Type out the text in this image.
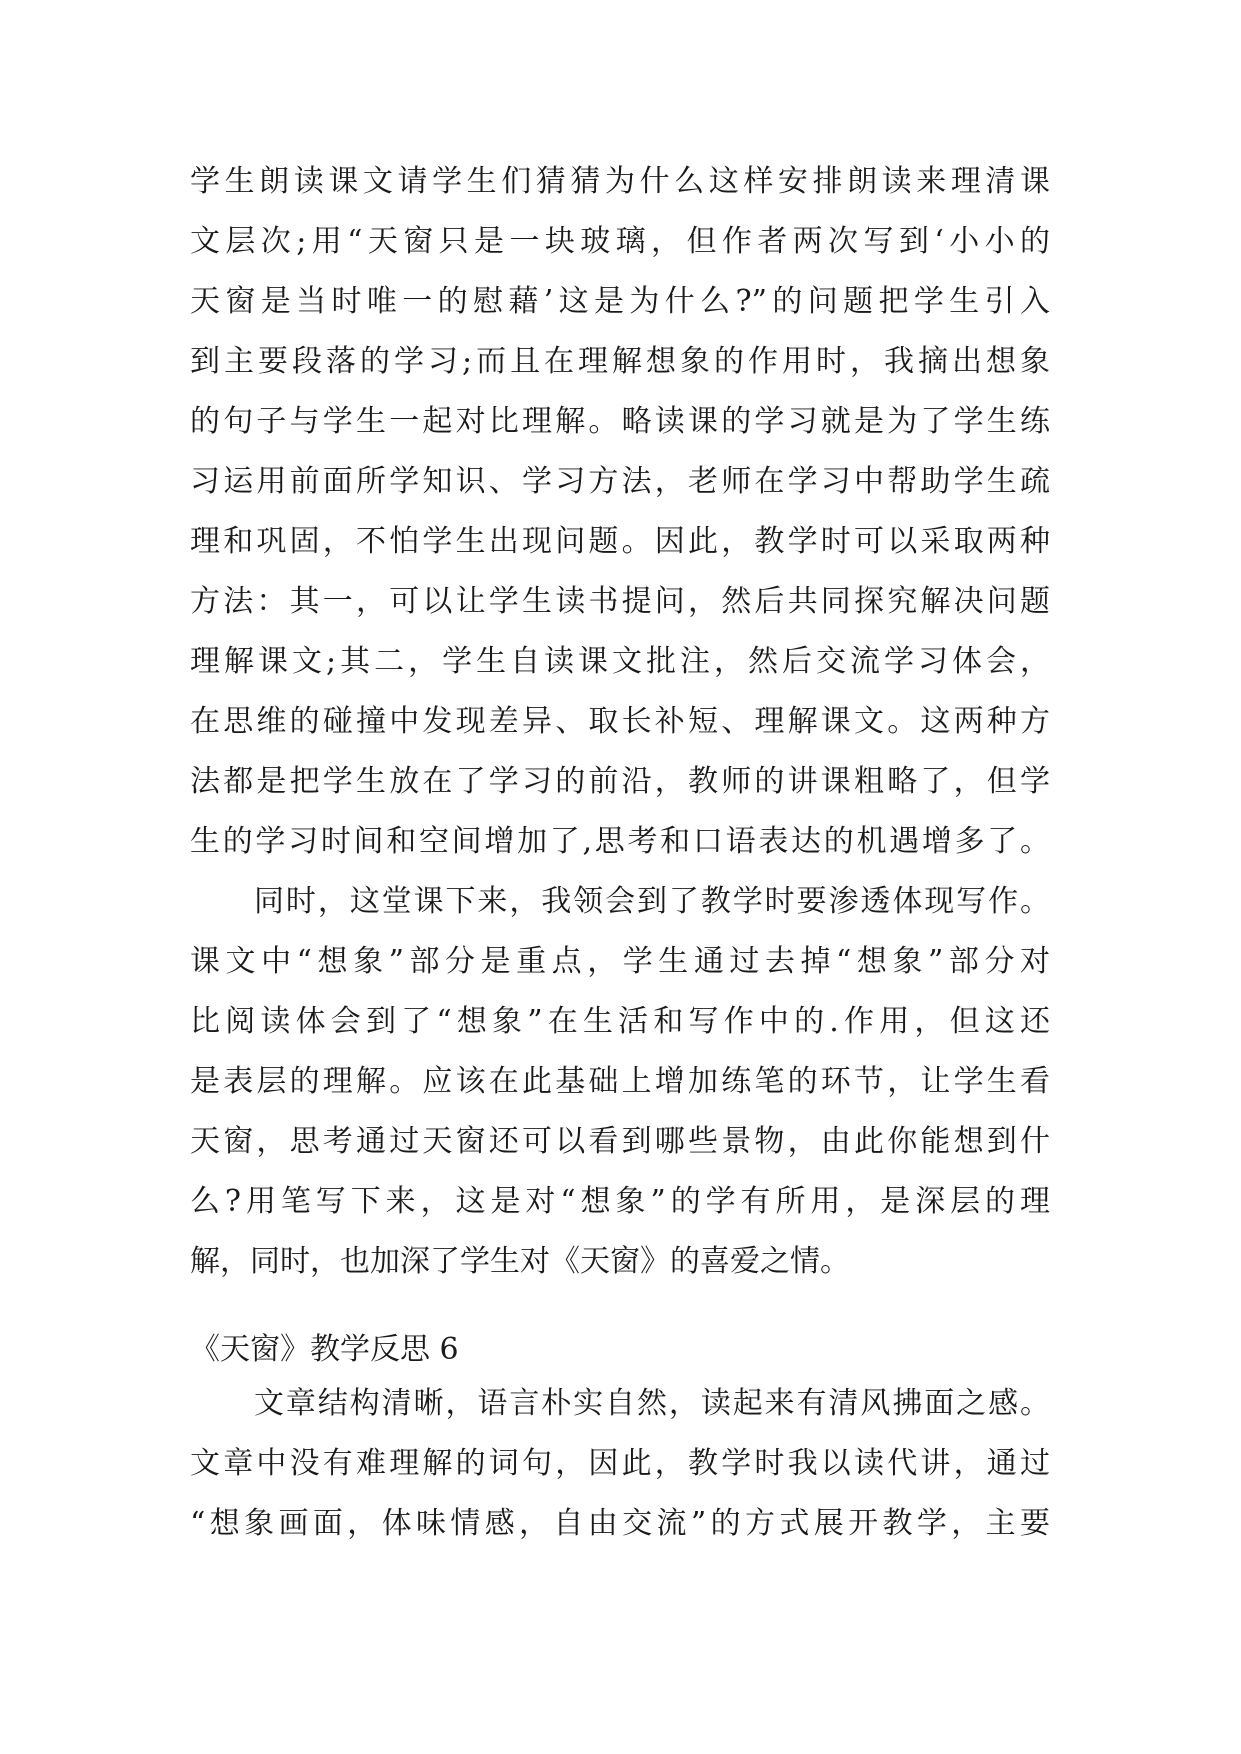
学生朗读课文请学生们猜猜为什么这样安排朗读来理清课
文层次;用“天窗只是一块玻璃，但作者两次写到‘小小的
天窗是当时唯一的慰藉’这是为什么?”的问题把学生引入
到主要段落的学习;而且在理解想象的作用时，我摘出想象
的句子与学生一起对比理解。略读课的学习就是为了学生练
习运用前面所学知识、学习方法，老师在学习中帮助学生疏
理和巩固，不怕学生出现问题。因此，教学时可以采取两种
方法：其一，可以让学生读书提问，然后共同探究解决问题
理解课文;其二，学生自读课文批注，然后交流学习体会，
在思维的碰撞中发现差异、取长补短、理解课文。这两种方
法都是把学生放在了学习的前沿，教师的讲课粗略了，但学
生的学习时间和空间增加了,思考和口语表达的机遇增多了。
同时，这堂课下来，我领会到了教学时要渗透体现写作。
课文中“想象”部分是重点，学生通过去掉“想象”部分对
比阅读体会到了“想象”在生活和写作中的.作用，但这还
是表层的理解。应该在此基础上增加练笔的环节，让学生看
天窗，思考通过天窗还可以看到哪些景物，由此你能想到什
么?用笔写下来，这是对“想象”的学有所用，是深层的理
解，同时，也加深了学生对《天窗》的喜爱之情。
《天窗》教学反思 6
文章结构清晰，语言朴实自然，读起来有清风拂面之感。
文章中没有难理解的词句，因此，教学时我以读代讲，通过
“想象画面，体味情感，自由交流”的方式展开教学，主要
